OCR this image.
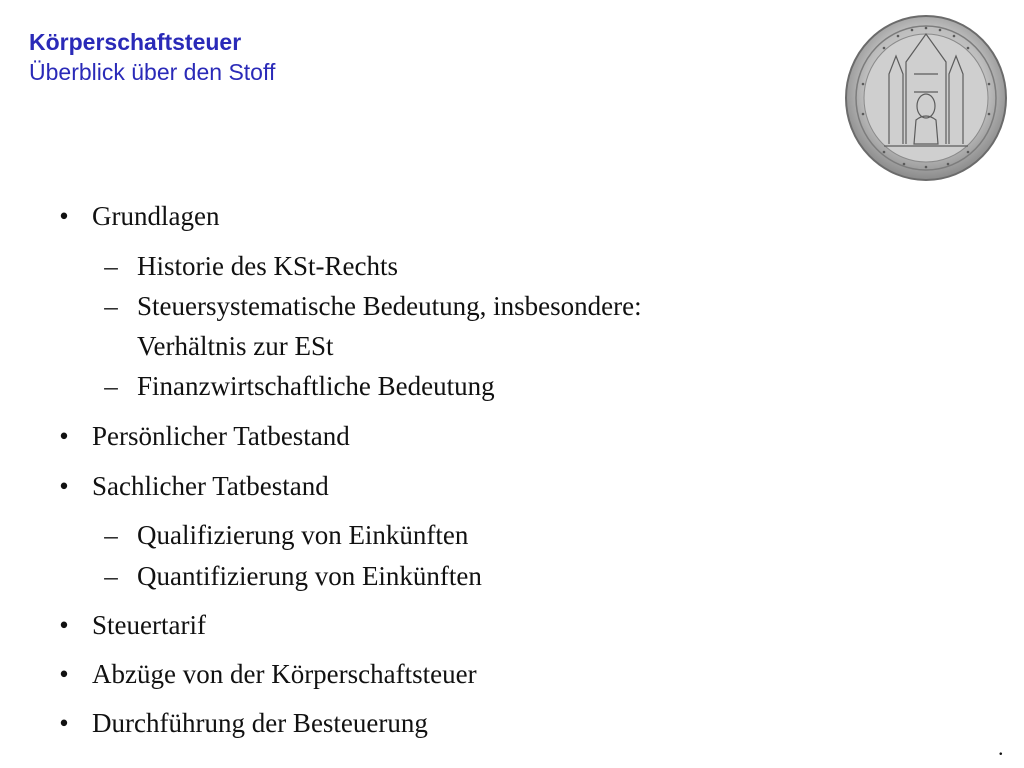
Körperschaftsteuer
Überblick über den Stoff
• Grundlagen
– Historie des KSt-Rechts
– Steuersystematische Bedeutung, insbesondere:
Verhältnis zur ESt
– Finanzwirtschaftliche Bedeutung
• Persönlicher Tatbestand
• Sachlicher Tatbestand
– Qualifizierung von Einkünften
– Quantifizierung von Einkünften
• Steuertarif
• Abzüge von der Körperschaftsteuer
• Durchführung der Besteuerung
.
